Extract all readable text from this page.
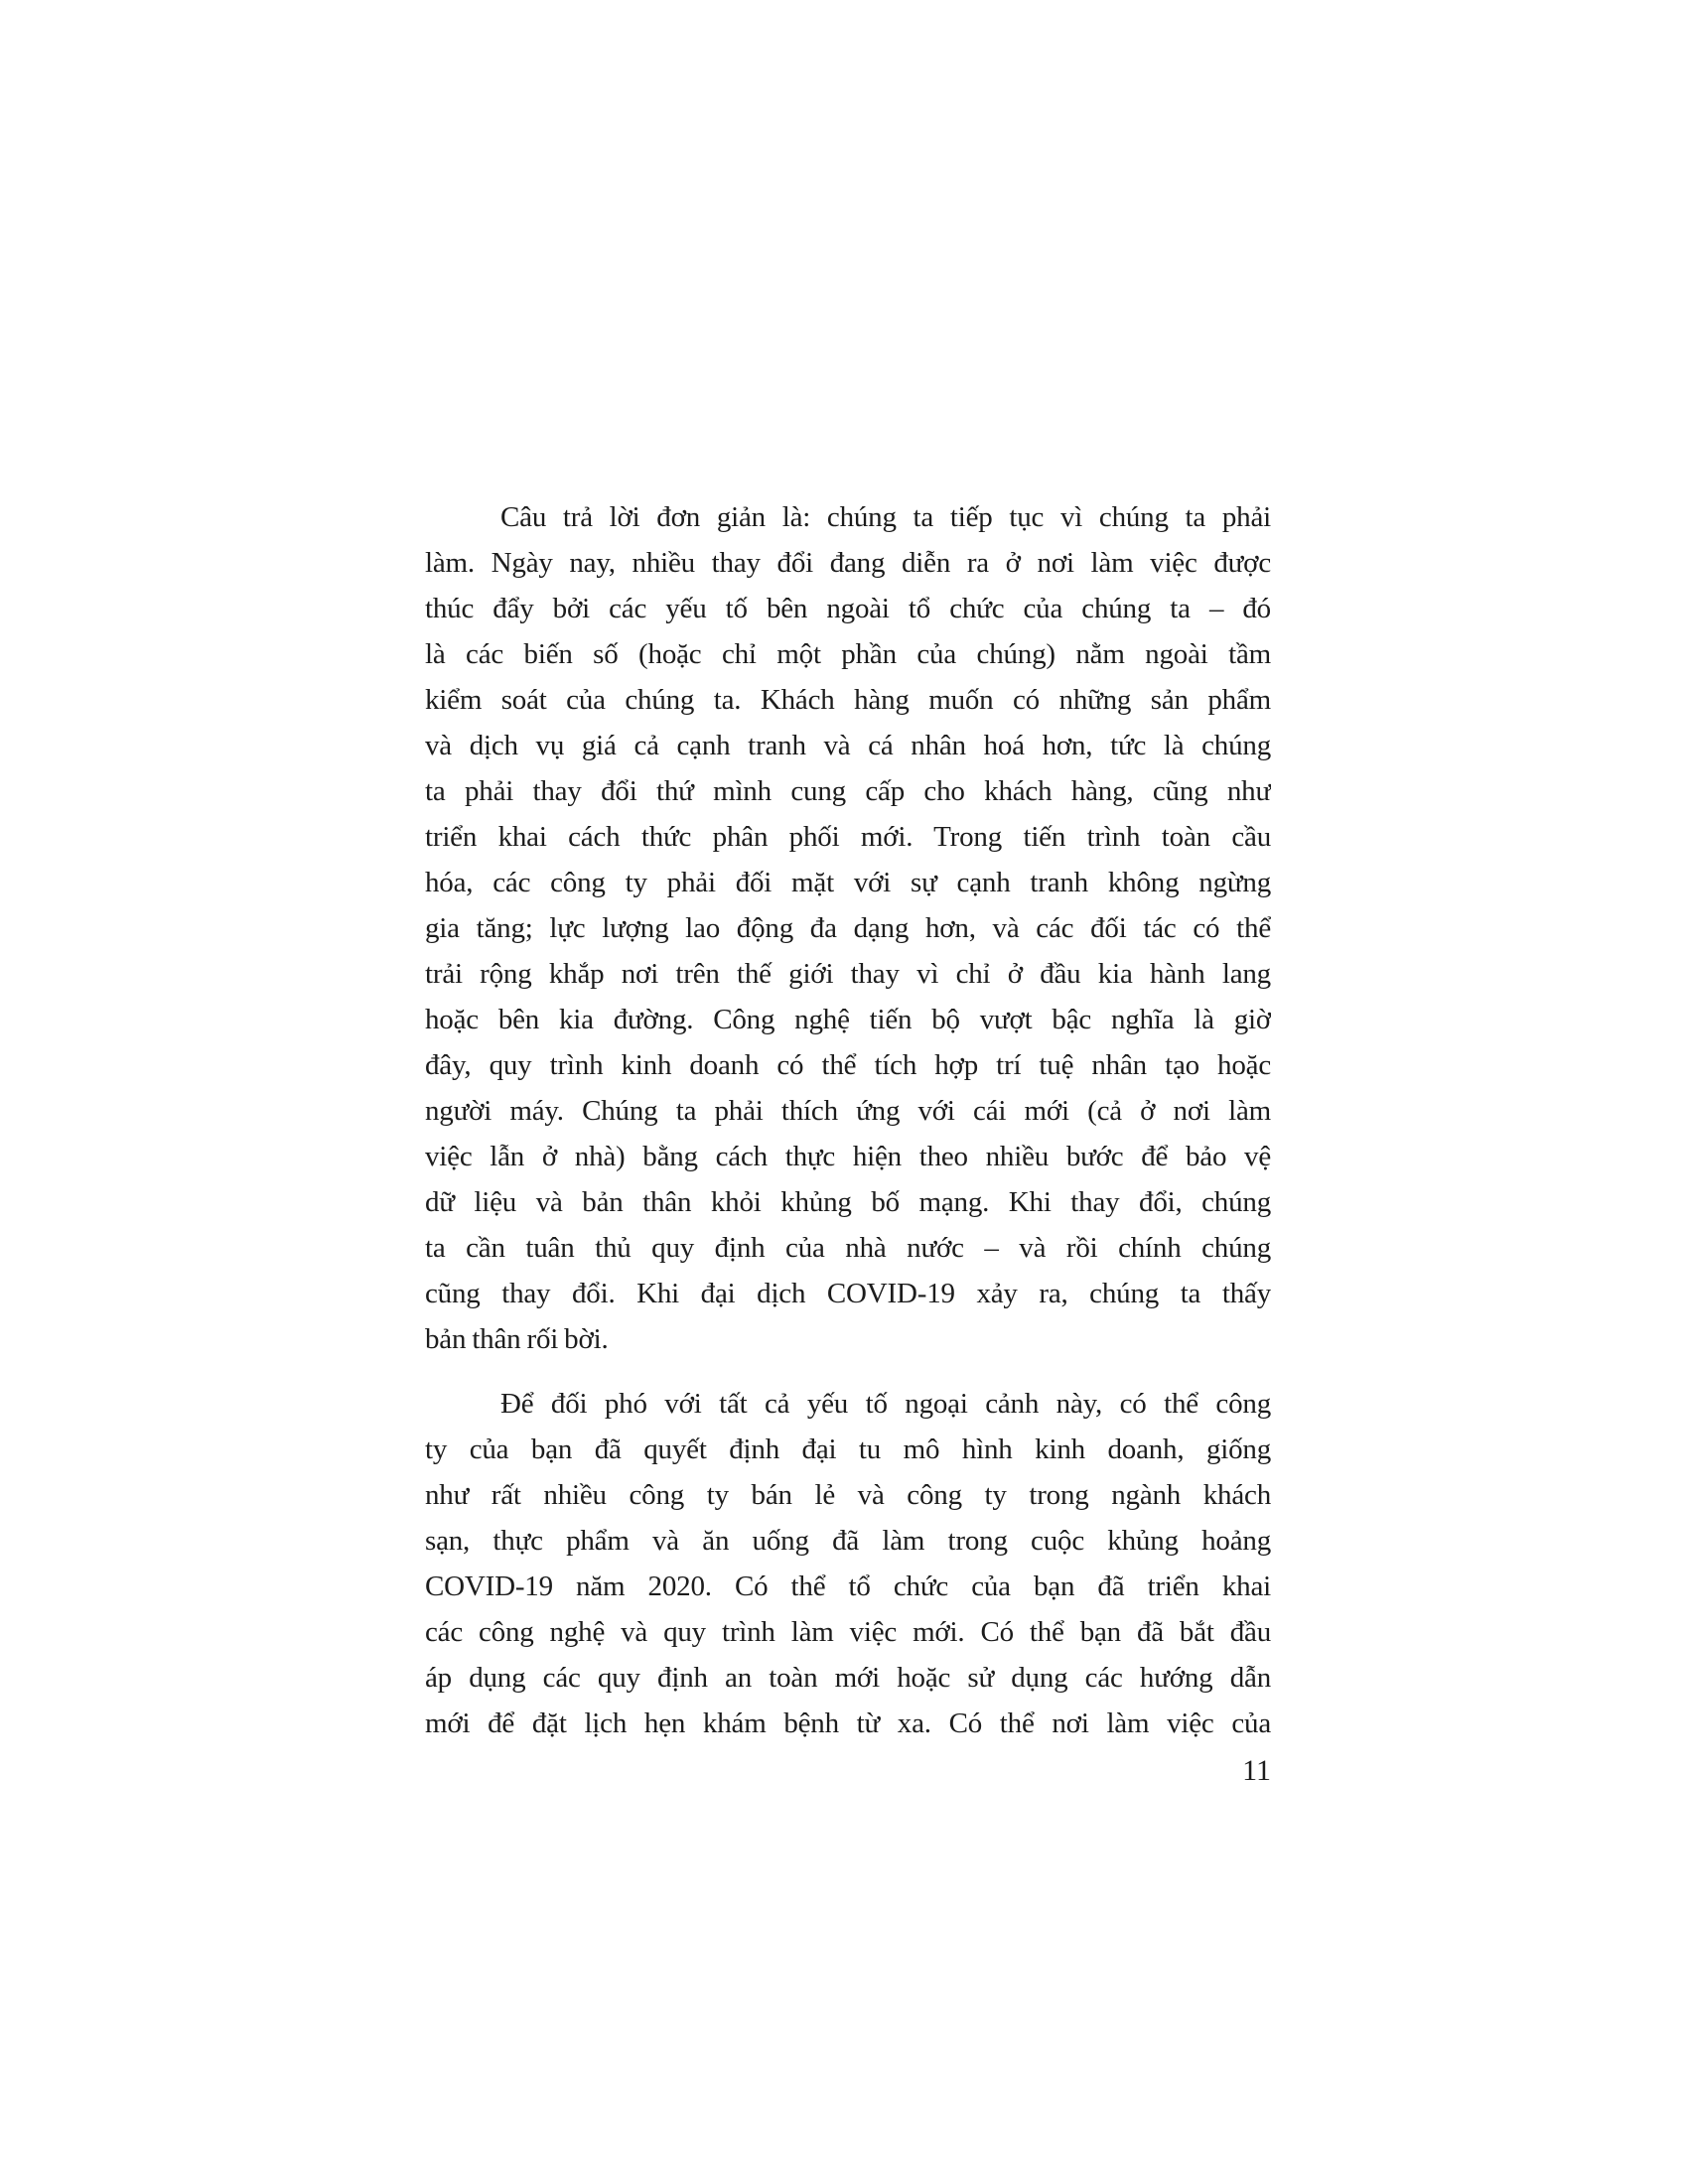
Câu trả lời đơn giản là: chúng ta tiếp tục vì chúng ta phải
làm. Ngày nay, nhiều thay đổi đang diễn ra ở nơi làm việc được
thúc đẩy bởi các yếu tố bên ngoài tổ chức của chúng ta – đó
là các biến số (hoặc chỉ một phần của chúng) nằm ngoài tầm
kiểm soát của chúng ta. Khách hàng muốn có những sản phẩm
và dịch vụ giá cả cạnh tranh và cá nhân hoá hơn, tức là chúng
ta phải thay đổi thứ mình cung cấp cho khách hàng, cũng như
triển khai cách thức phân phối mới. Trong tiến trình toàn cầu
hóa, các công ty phải đối mặt với sự cạnh tranh không ngừng
gia tăng; lực lượng lao động đa dạng hơn, và các đối tác có thể
trải rộng khắp nơi trên thế giới thay vì chỉ ở đầu kia hành lang
hoặc bên kia đường. Công nghệ tiến bộ vượt bậc nghĩa là giờ
đây, quy trình kinh doanh có thể tích hợp trí tuệ nhân tạo hoặc
người máy. Chúng ta phải thích ứng với cái mới (cả ở nơi làm
việc lẫn ở nhà) bằng cách thực hiện theo nhiều bước để bảo vệ
dữ liệu và bản thân khỏi khủng bố mạng. Khi thay đổi, chúng
ta cần tuân thủ quy định của nhà nước – và rồi chính chúng
cũng thay đổi. Khi đại dịch COVID-19 xảy ra, chúng ta thấy
bản thân rối bời.

Để đối phó với tất cả yếu tố ngoại cảnh này, có thể công
ty của bạn đã quyết định đại tu mô hình kinh doanh, giống
như rất nhiều công ty bán lẻ và công ty trong ngành khách
sạn, thực phẩm và ăn uống đã làm trong cuộc khủng hoảng
COVID-19 năm 2020. Có thể tổ chức của bạn đã triển khai
các công nghệ và quy trình làm việc mới. Có thể bạn đã bắt đầu
áp dụng các quy định an toàn mới hoặc sử dụng các hướng dẫn
mới để đặt lịch hẹn khám bệnh từ xa. Có thể nơi làm việc của

11
